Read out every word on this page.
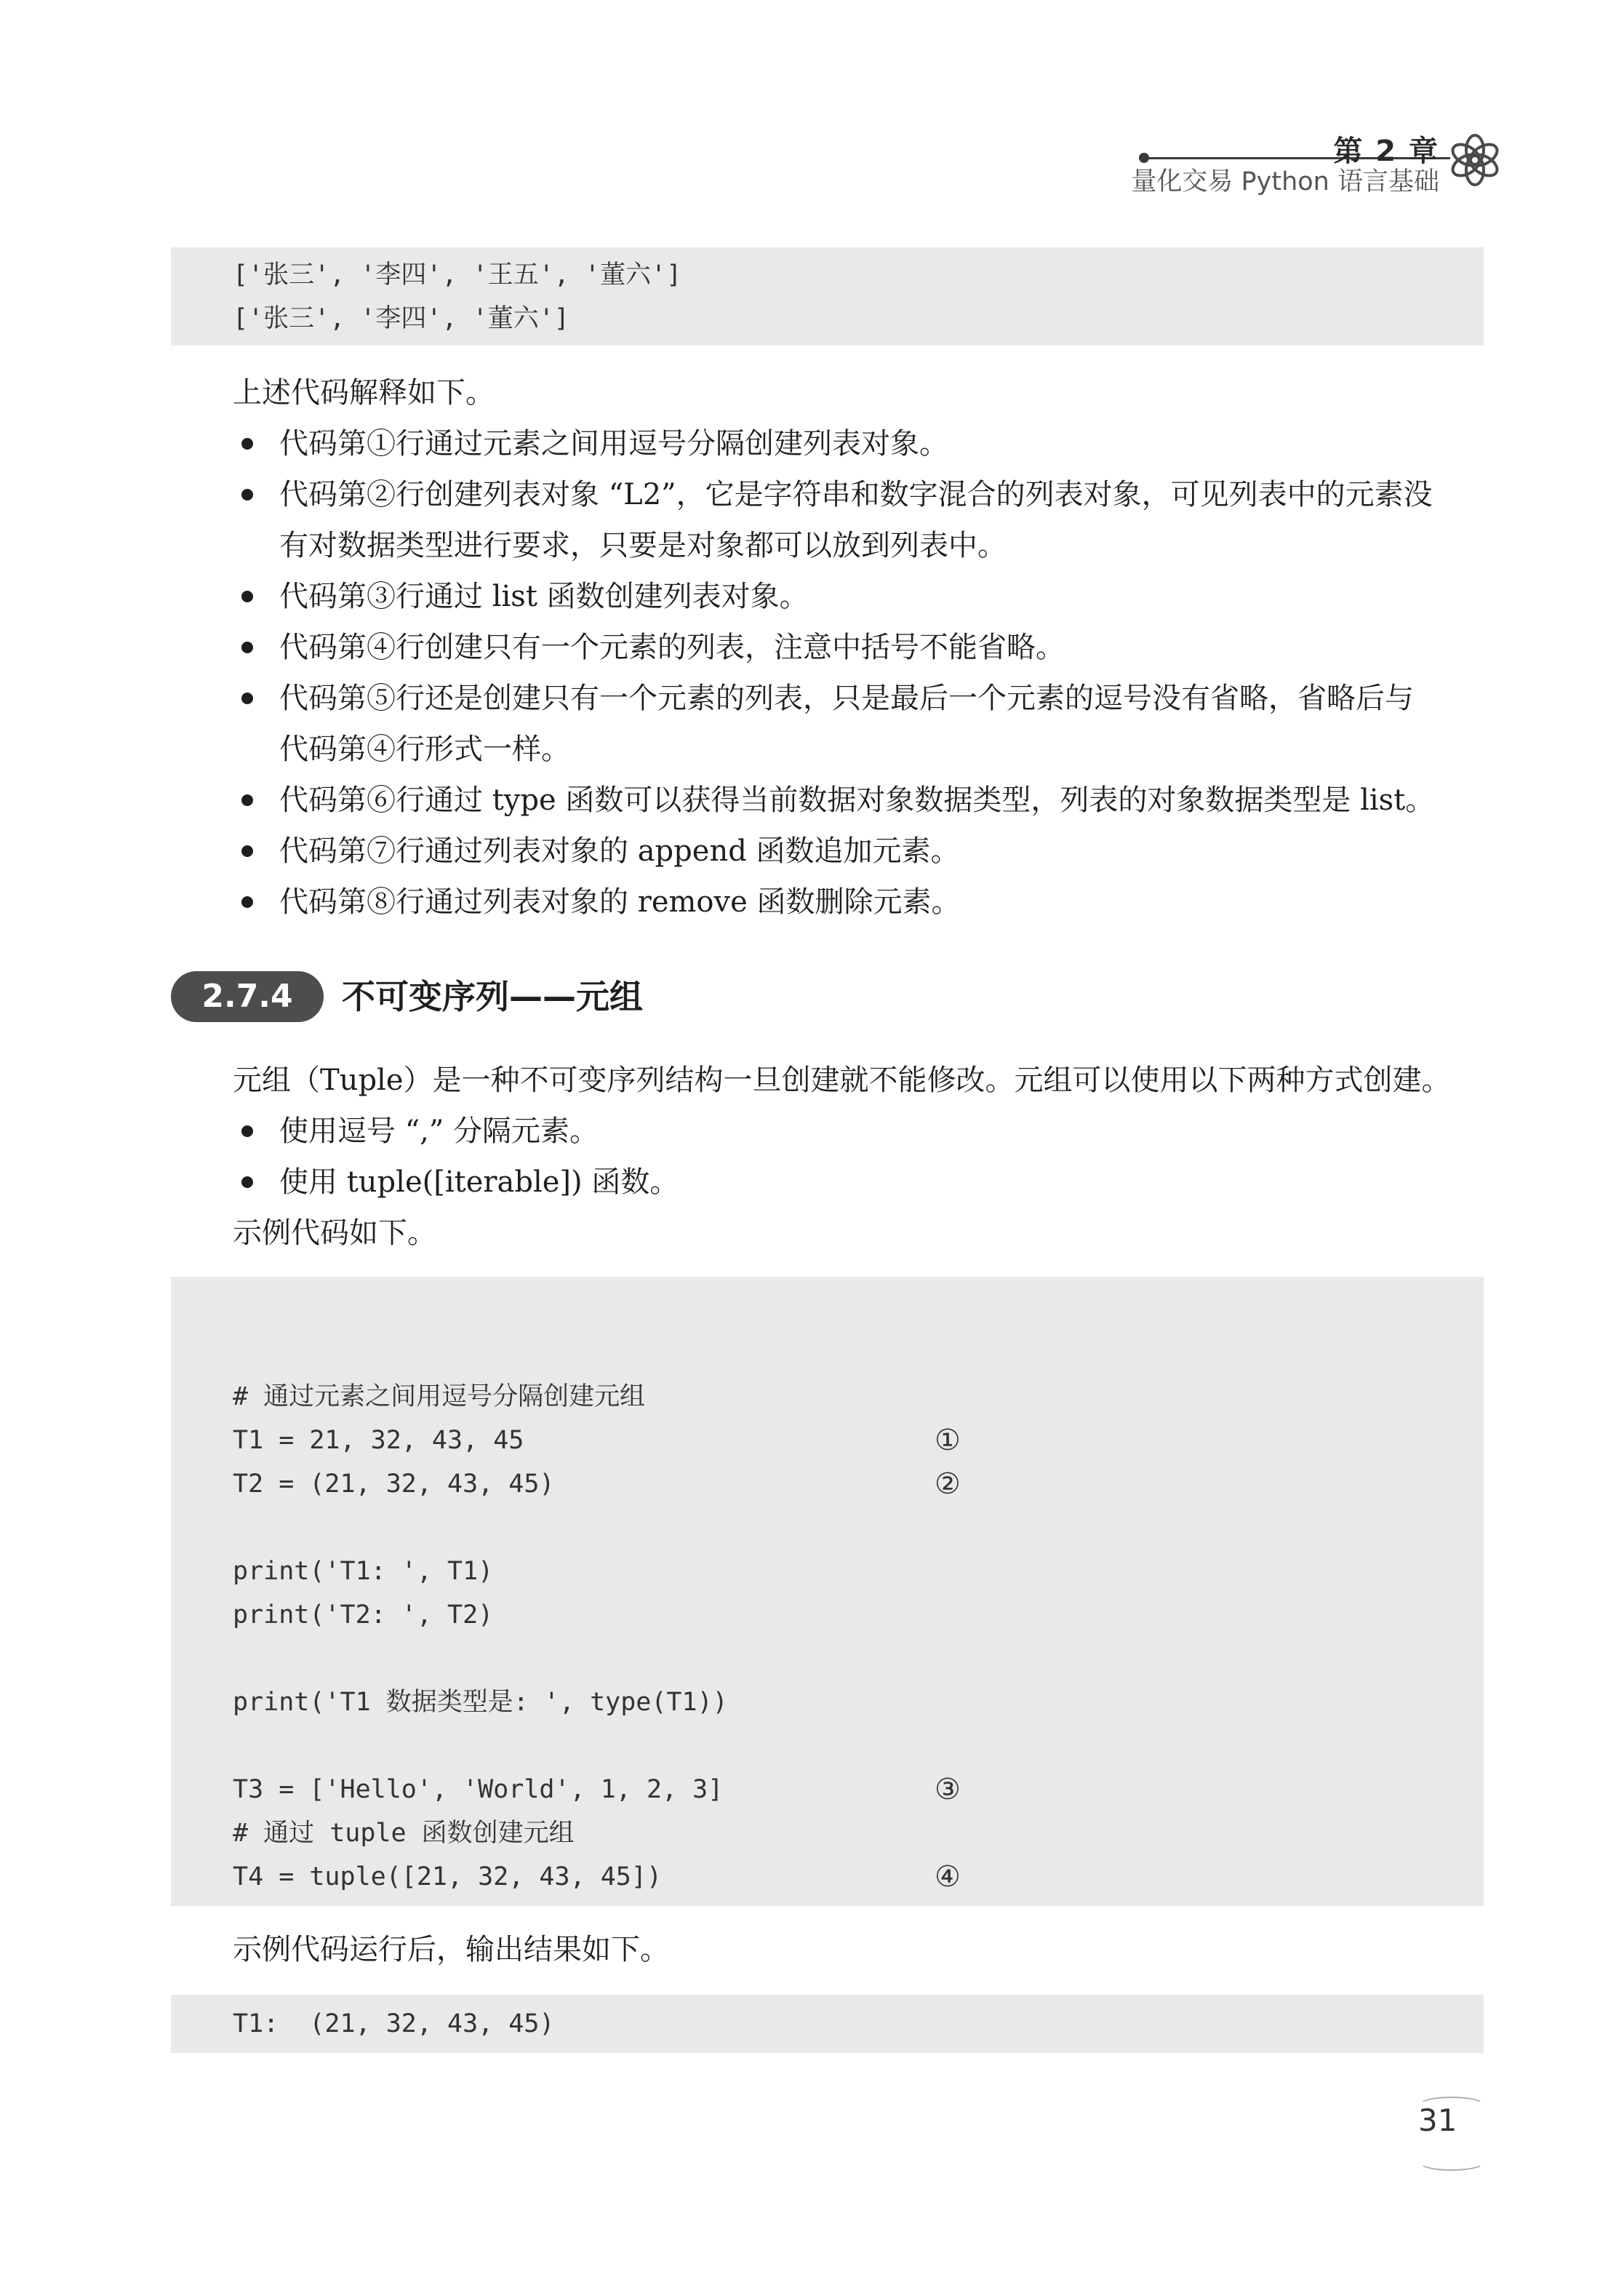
第 2 章
量化交易 Python 语言基础
['张三', '李四', '王五', '董六']
['张三', '李四', '董六']
上述代码解释如下。
代码第①行通过元素之间用逗号分隔创建列表对象。
代码第②行创建列表对象 “L2”，它是字符串和数字混合的列表对象，可见列表中的元素没
有对数据类型进行要求，只要是对象都可以放到列表中。
代码第③行通过 list 函数创建列表对象。
代码第④行创建只有一个元素的列表，注意中括号不能省略。
代码第⑤行还是创建只有一个元素的列表，只是最后一个元素的逗号没有省略，省略后与
代码第④行形式一样。
代码第⑥行通过 type 函数可以获得当前数据对象数据类型，列表的对象数据类型是 list。
代码第⑦行通过列表对象的 append 函数追加元素。
代码第⑧行通过列表对象的 remove 函数删除元素。
2.7.4	不可变序列——元组
元组（Tuple）是一种不可变序列结构一旦创建就不能修改。元组可以使用以下两种方式创建。
使用逗号 “,” 分隔元素。
使用 tuple([iterable]) 函数。
示例代码如下。
# 通过元素之间用逗号分隔创建元组
T1 = 21, 32, 43, 45	①
T2 = (21, 32, 43, 45)	②
print('T1: ', T1)
print('T2: ', T2)
print('T1 数据类型是: ', type(T1))
T3 = ['Hello', 'World', 1, 2, 3]	③
# 通过 tuple 函数创建元组
T4 = tuple([21, 32, 43, 45])	④
示例代码运行后，输出结果如下。
T1:  (21, 32, 43, 45)
31
